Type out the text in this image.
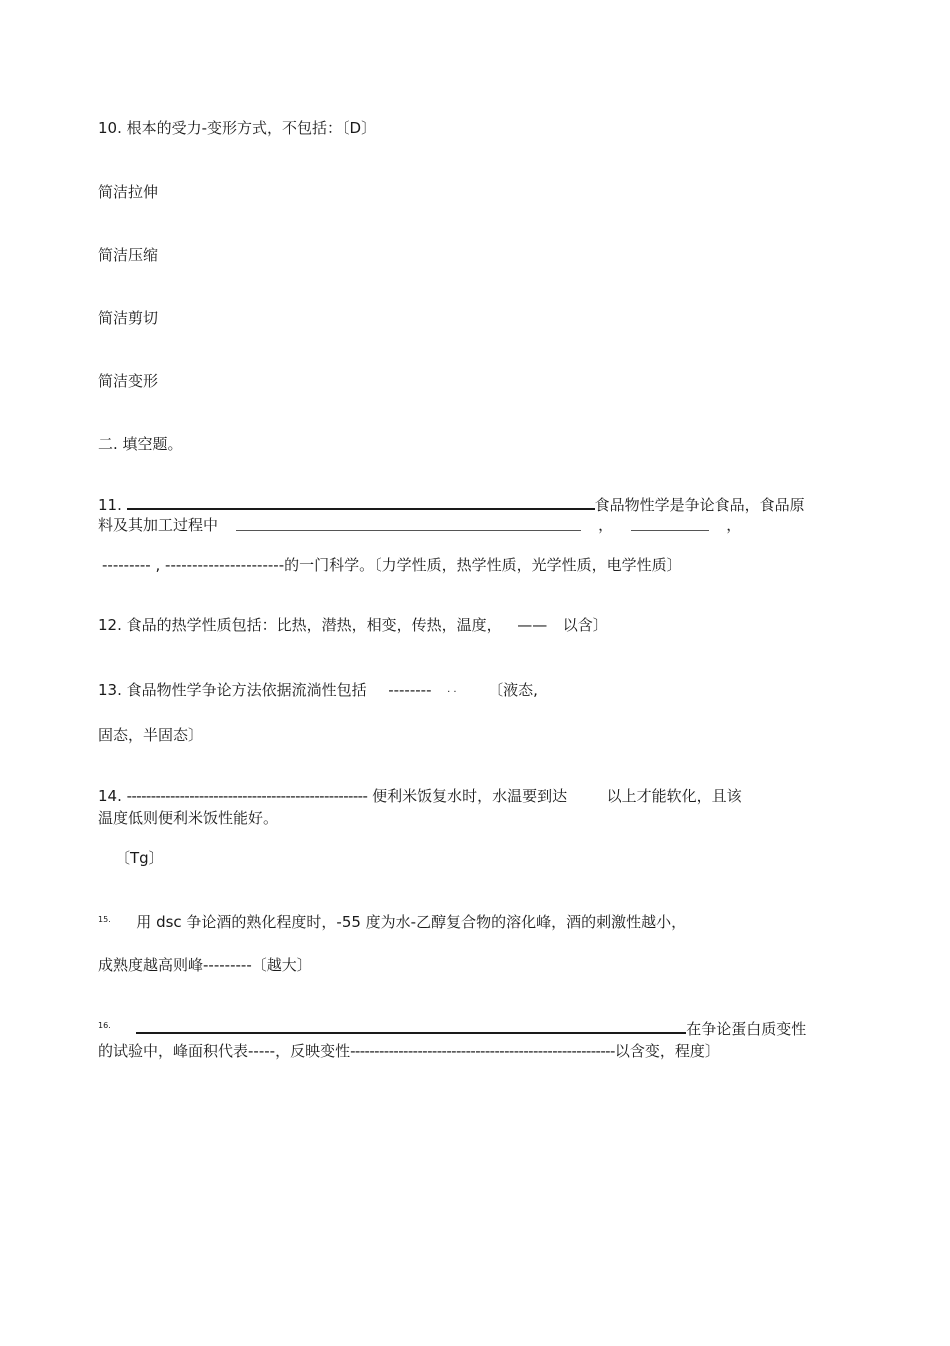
10. 根本的受力-变形方式，不包括：〔D〕
简洁拉伸
简洁压缩
简洁剪切
简洁变形
二. 填空题。
11.	食品物性学是争论食品，食品原
料及其加工过程中	，	，
--------- , ----------------------的一门科学。〔力学性质，热学性质，光学性质，电学性质〕
12. 食品的热学性质包括：比热，潜热，相变，传热，温度， —— 以含〕
13. 食品物性学争论方法依据流淌性包括 -------- · · 〔液态,
固态，半固态〕
14. -------------------------------------------------- 便利米饭复水时，水温要到达	以上才能软化，且该
温度低则便利米饭性能好。
〔Tg〕
$^{15.}$ 用 dsc 争论酒的熟化程度时，-55 度为水-乙醇复合物的溶化峰，酒的刺激性越小，
成熟度越高则峰---------〔越大〕
$^{16.}$	在争论蛋白质变性
的试验中，峰面积代表-----，反映变性-------------------------------------------------------以含变，程度〕
